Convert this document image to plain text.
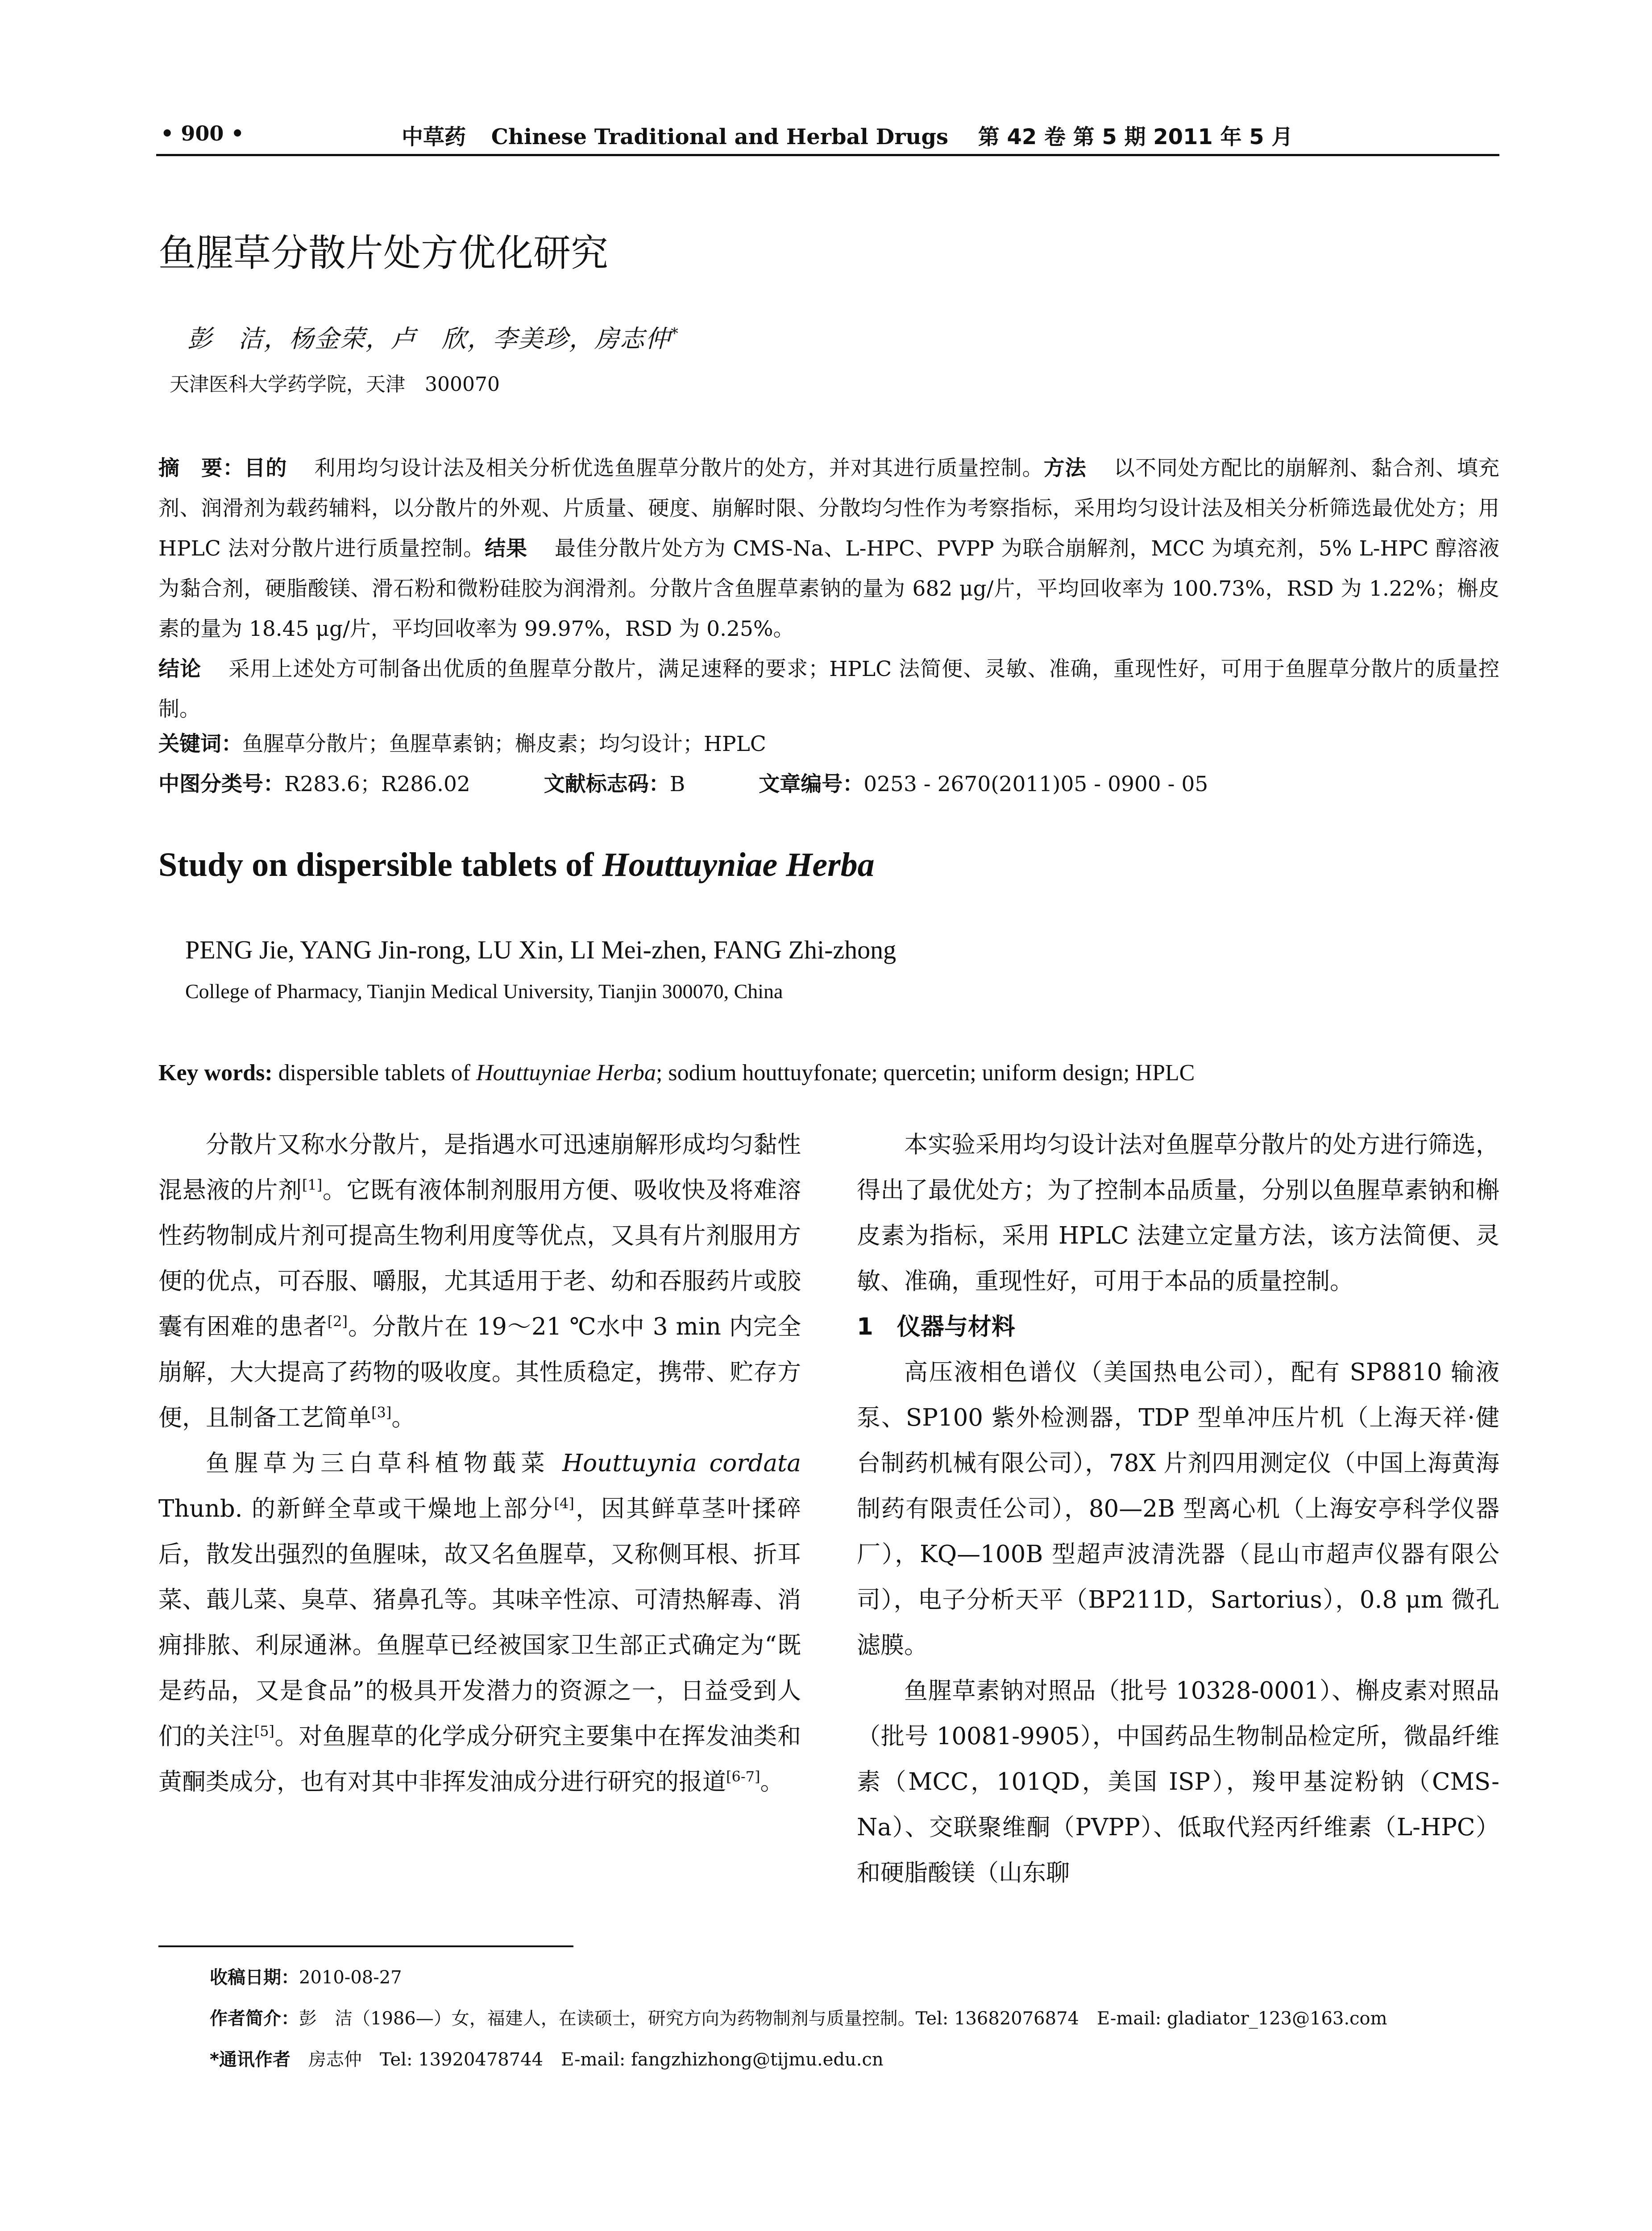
• 900 •	中草药 Chinese Traditional and Herbal Drugs 第 42 卷 第 5 期 2011 年 5 月
鱼腥草分散片处方优化研究
彭　洁，杨金荣，卢　欣，李美珍，房志仲*
天津医科大学药学院，天津　300070
摘　要：目的 利用均匀设计法及相关分析优选鱼腥草分散片的处方，并对其进行质量控制。方法 以不同处方配比的崩解剂、黏合剂、填充剂、润滑剂为载药辅料，以分散片的外观、片质量、硬度、崩解时限、分散均匀性作为考察指标，采用均匀设计法及相关分析筛选最优处方；用 HPLC 法对分散片进行质量控制。结果 最佳分散片处方为 CMS-Na、L-HPC、PVPP 为联合崩解剂，MCC 为填充剂，5% L-HPC 醇溶液为黏合剂，硬脂酸镁、滑石粉和微粉硅胶为润滑剂。分散片含鱼腥草素钠的量为 682 μg/片，平均回收率为 100.73%，RSD 为 1.22%；槲皮素的量为 18.45 μg/片，平均回收率为 99.97%，RSD 为 0.25%。
结论 采用上述处方可制备出优质的鱼腥草分散片，满足速释的要求；HPLC 法简便、灵敏、准确，重现性好，可用于鱼腥草分散片的质量控制。
关键词：鱼腥草分散片；鱼腥草素钠；槲皮素；均匀设计；HPLC
中图分类号：R283.6；R286.02	文献标志码：B	文章编号：0253 - 2670(2011)05 - 0900 - 05
Study on dispersible tablets of Houttuyniae Herba
PENG Jie, YANG Jin-rong, LU Xin, LI Mei-zhen, FANG Zhi-zhong
College of Pharmacy, Tianjin Medical University, Tianjin 300070, China
Key words: dispersible tablets of Houttuyniae Herba; sodium houttuyfonate; quercetin; uniform design; HPLC

分散片又称水分散片，是指遇水可迅速崩解形成均匀黏性混悬液的片剂[1]。它既有液体制剂服用方便、吸收快及将难溶性药物制成片剂可提高生物利用度等优点，又具有片剂服用方便的优点，可吞服、嚼服，尤其适用于老、幼和吞服药片或胶囊有困难的患者[2]。分散片在 19～21 ℃水中 3 min 内完全崩解，大大提高了药物的吸收度。其性质稳定，携带、贮存方便，且制备工艺简单[3]。

鱼腥草为三白草科植物蕺菜 Houttuynia cordata Thunb. 的新鲜全草或干燥地上部分[4]，因其鲜草茎叶揉碎后，散发出强烈的鱼腥味，故又名鱼腥草，又称侧耳根、折耳菜、蕺儿菜、臭草、猪鼻孔等。其味辛性凉、可清热解毒、消痈排脓、利尿通淋。鱼腥草已经被国家卫生部正式确定为“既是药品，又是食品”的极具开发潜力的资源之一，日益受到人们的关注[5]。对鱼腥草的化学成分研究主要集中在挥发油类和黄酮类成分，也有对其中非挥发油成分进行研究的报道[6-7]。

本实验采用均匀设计法对鱼腥草分散片的处方进行筛选，得出了最优处方；为了控制本品质量，分别以鱼腥草素钠和槲皮素为指标，采用 HPLC 法建立定量方法，该方法简便、灵敏、准确，重现性好，可用于本品的质量控制。

1　仪器与材料

高压液相色谱仪（美国热电公司），配有 SP8810 输液泵、SP100 紫外检测器，TDP 型单冲压片机（上海天祥·健台制药机械有限公司），78X 片剂四用测定仪（中国上海黄海制药有限责任公司），80—2B 型离心机（上海安亭科学仪器厂），KQ—100B 型超声波清洗器（昆山市超声仪器有限公司），电子分析天平（BP211D，Sartorius），0.8 μm 微孔滤膜。

鱼腥草素钠对照品（批号 10328-0001）、槲皮素对照品（批号 10081-9905），中国药品生物制品检定所，微晶纤维素（MCC，101QD，美国 ISP），羧甲基淀粉钠（CMS-Na）、交联聚维酮（PVPP）、低取代羟丙纤维素（L-HPC）和硬脂酸镁（山东聊

收稿日期：2010-08-27
作者简介：彭　洁（1986—）女，福建人，在读硕士，研究方向为药物制剂与质量控制。Tel: 13682076874　E-mail: gladiator_123@163.com
*通讯作者　房志仲　Tel: 13920478744　E-mail: fangzhizhong@tijmu.edu.cn
